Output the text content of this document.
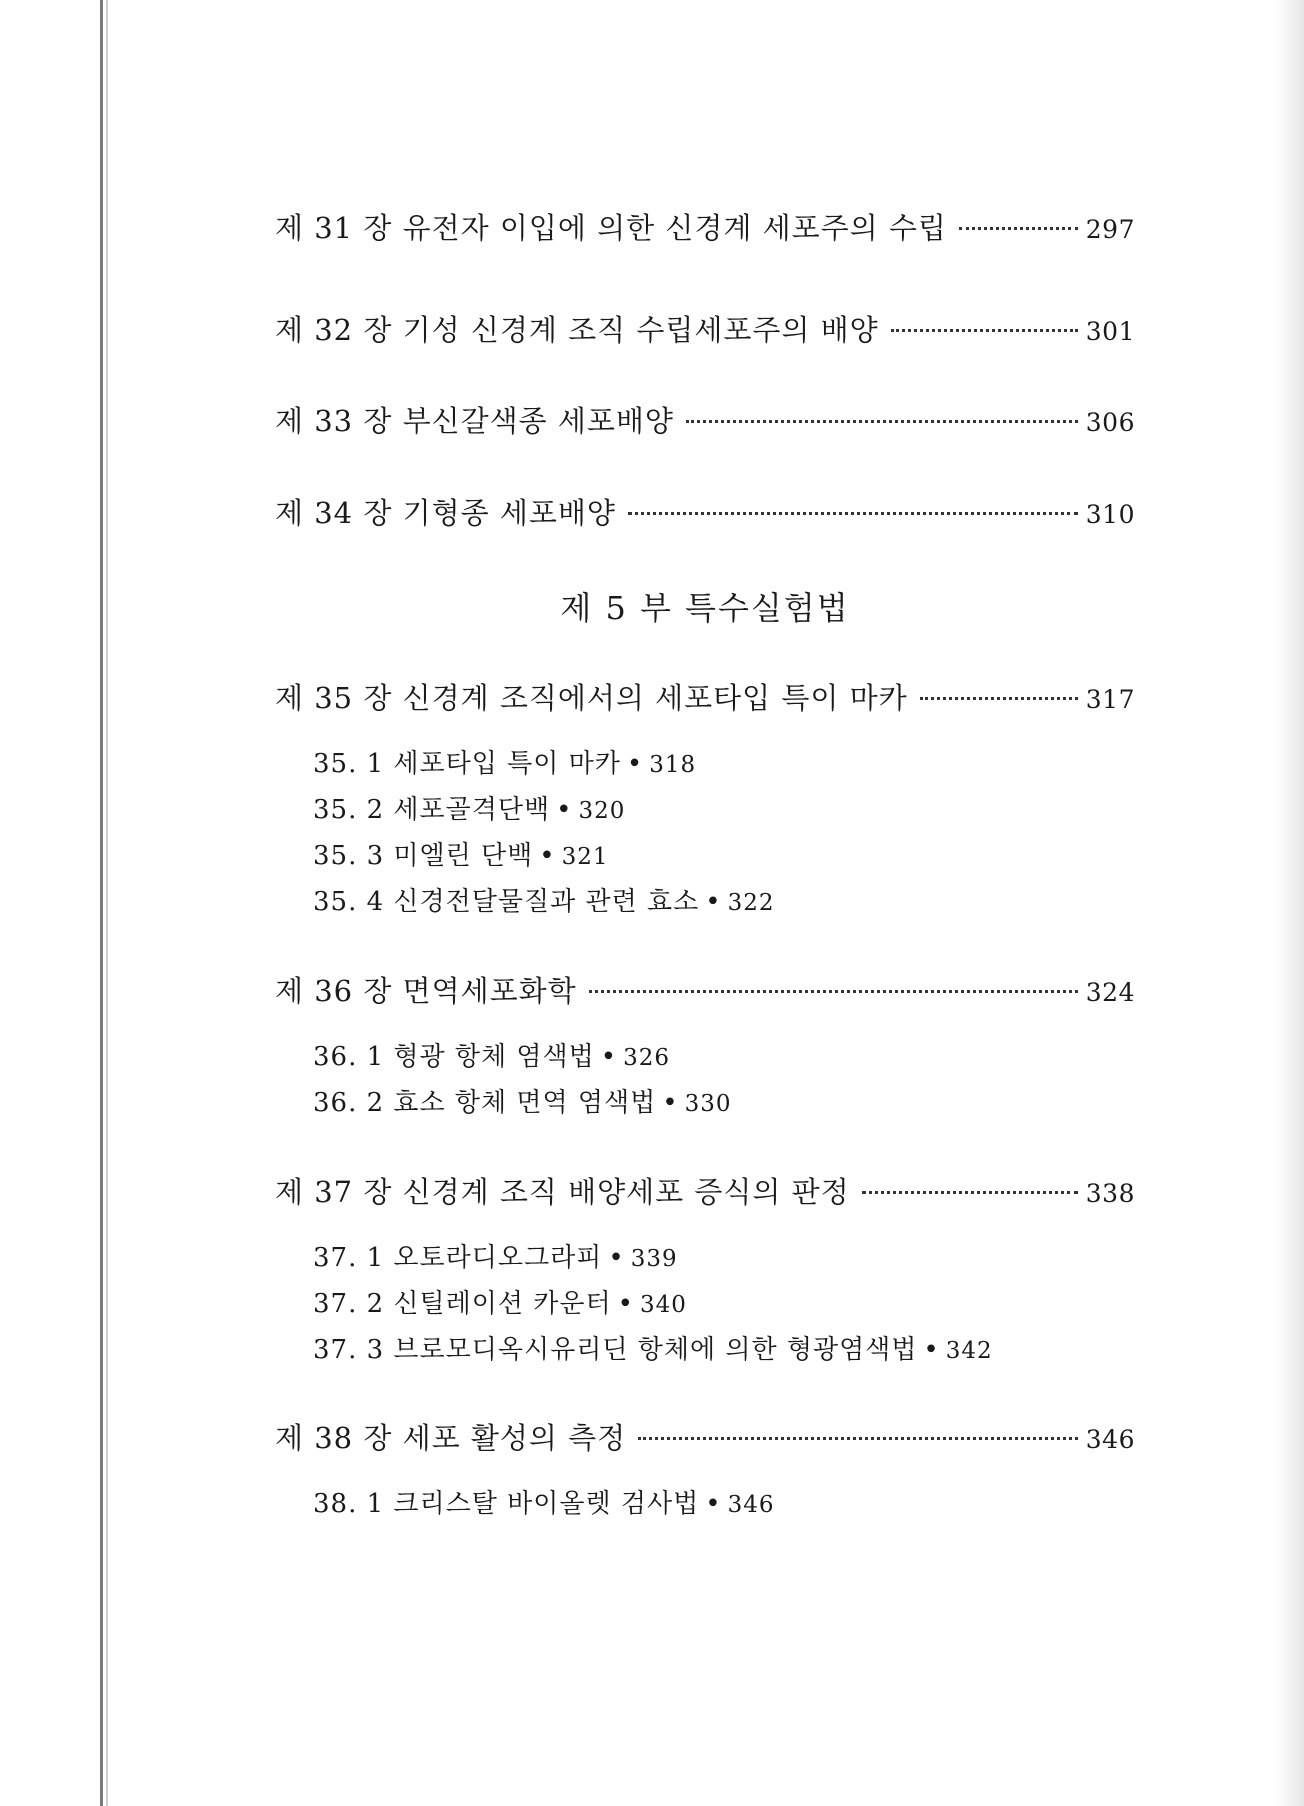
제 31 장 유전자 이입에 의한 신경계 세포주의 수립	297
제 32 장 기성 신경계 조직 수립세포주의 배양	301
제 33 장 부신갈색종 세포배양	306
제 34 장 기형종 세포배양	310
제 5 부 특수실험법
제 35 장 신경계 조직에서의 세포타입 특이 마카	317
35. 1 세포타입 특이 마카 • 318
35. 2 세포골격단백 • 320
35. 3 미엘린 단백 • 321
35. 4 신경전달물질과 관련 효소 • 322
제 36 장 면역세포화학	324
36. 1 형광 항체 염색법 • 326
36. 2 효소 항체 면역 염색법 • 330
제 37 장 신경계 조직 배양세포 증식의 판정	338
37. 1 오토라디오그라피 • 339
37. 2 신틸레이션 카운터 • 340
37. 3 브로모디옥시유리딘 항체에 의한 형광염색법 • 342
제 38 장 세포 활성의 측정	346
38. 1 크리스탈 바이올렛 검사법 • 346
